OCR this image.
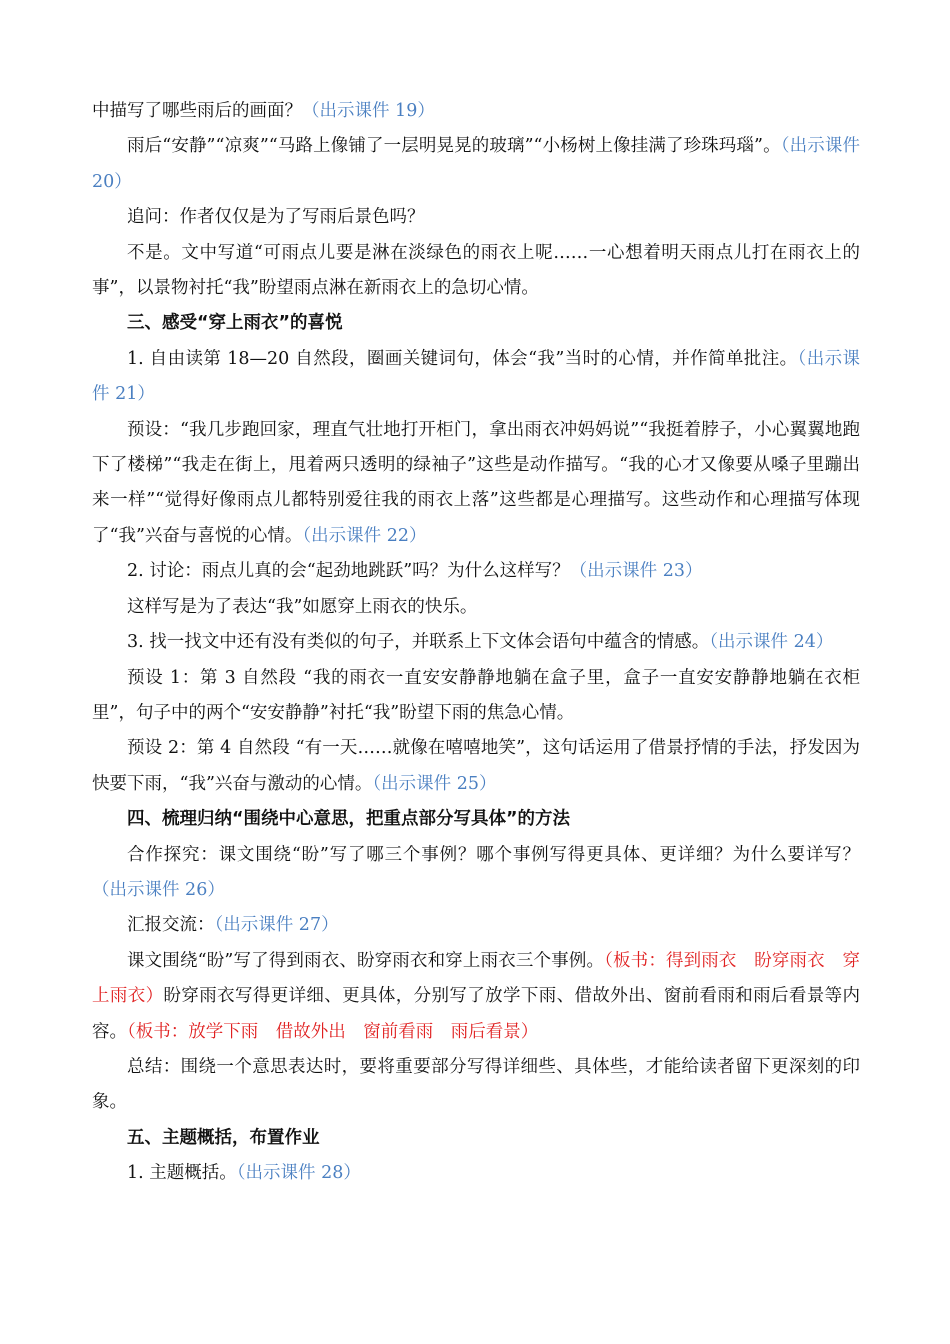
中描写了哪些雨后的画面？（出示课件 19）

雨后“安静”“凉爽”“马路上像铺了一层明晃晃的玻璃”“小杨树上像挂满了珍珠玛瑙”。（出示课件 20）

追问：作者仅仅是为了写雨后景色吗？

不是。文中写道“可雨点儿要是淋在淡绿色的雨衣上呢……一心想着明天雨点儿打在雨衣上的事”，以景物衬托“我”盼望雨点淋在新雨衣上的急切心情。

三、感受“穿上雨衣”的喜悦

1. 自由读第 18—20 自然段，圈画关键词句，体会“我”当时的心情，并作简单批注。（出示课件 21）

预设：“我几步跑回家，理直气壮地打开柜门，拿出雨衣冲妈妈说”“我挺着脖子，小心翼翼地跑下了楼梯”“我走在街上，甩着两只透明的绿袖子”这些是动作描写。“我的心才又像要从嗓子里蹦出来一样”“觉得好像雨点儿都特别爱往我的雨衣上落”这些都是心理描写。这些动作和心理描写体现了“我”兴奋与喜悦的心情。（出示课件 22）

2. 讨论：雨点儿真的会“起劲地跳跃”吗？为什么这样写？（出示课件 23）

这样写是为了表达“我”如愿穿上雨衣的快乐。

3. 找一找文中还有没有类似的句子，并联系上下文体会语句中蕴含的情感。（出示课件 24）

预设 1：第 3 自然段 “我的雨衣一直安安静静地躺在盒子里，盒子一直安安静静地躺在衣柜里”，句子中的两个“安安静静”衬托“我”盼望下雨的焦急心情。

预设 2：第 4 自然段 “有一天……就像在嘻嘻地笑”，这句话运用了借景抒情的手法，抒发因为快要下雨，“我”兴奋与激动的心情。（出示课件 25）

四、梳理归纳“围绕中心意思，把重点部分写具体”的方法

合作探究：课文围绕“盼”写了哪三个事例？哪个事例写得更具体、更详细？为什么要详写？（出示课件 26）

汇报交流：（出示课件 27）

课文围绕“盼”写了得到雨衣、盼穿雨衣和穿上雨衣三个事例。（板书：得到雨衣　盼穿雨衣　穿上雨衣）盼穿雨衣写得更详细、更具体，分别写了放学下雨、借故外出、窗前看雨和雨后看景等内容。（板书：放学下雨　借故外出　窗前看雨　雨后看景）

总结：围绕一个意思表达时，要将重要部分写得详细些、具体些，才能给读者留下更深刻的印象。

五、主题概括，布置作业

1. 主题概括。（出示课件 28）
